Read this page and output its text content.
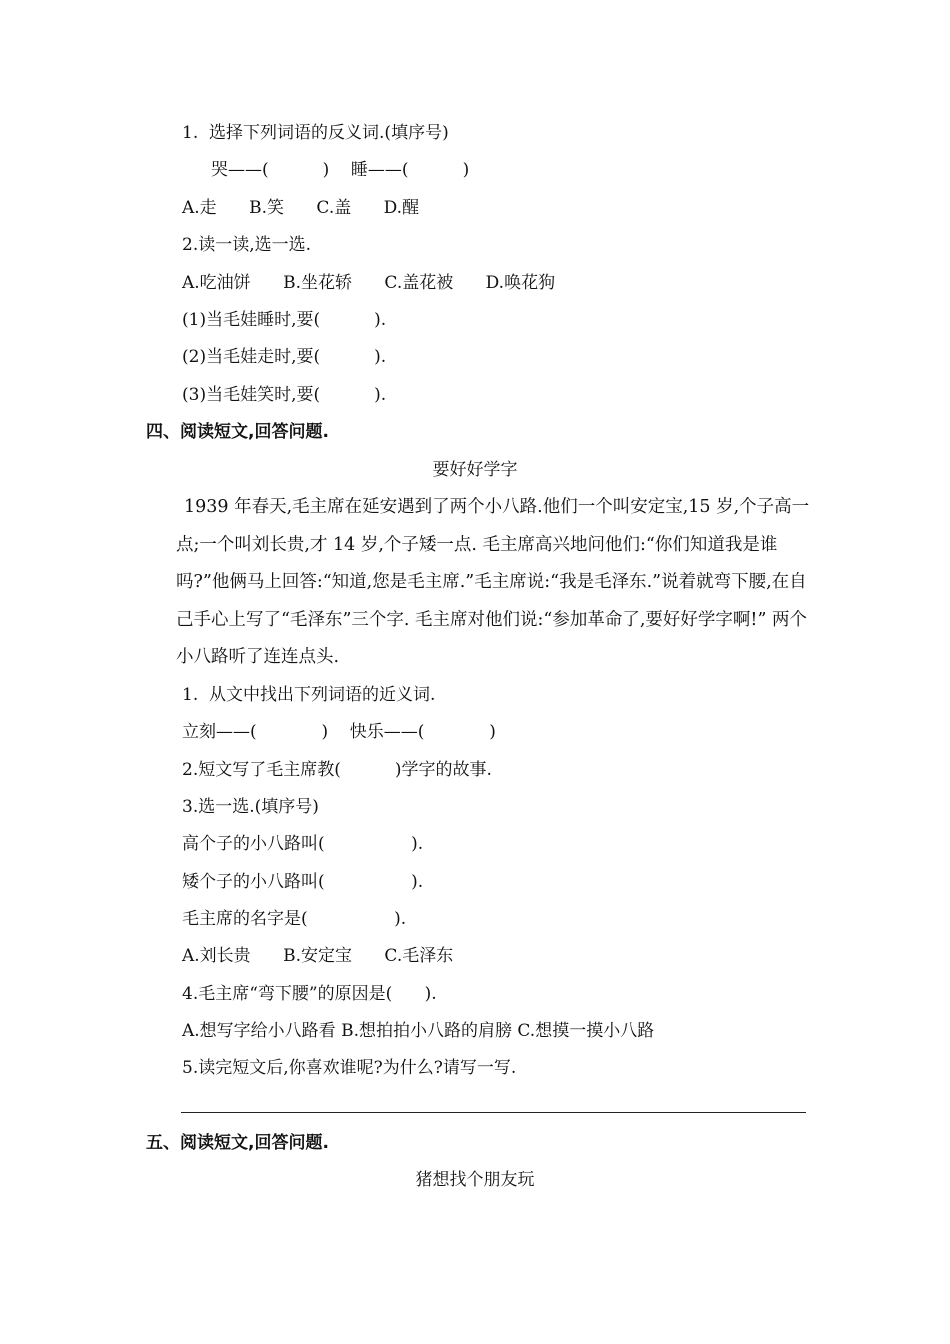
1.  选择下列词语的反义词.(填序号)
哭——(          )    睡——(          )
A.走      B.笑      C.盖      D.醒
2.读一读,选一选.
A.吃油饼      B.坐花轿      C.盖花被      D.唤花狗
(1)当毛娃睡时,要(          ).
(2)当毛娃走时,要(          ).
(3)当毛娃笑时,要(          ).
四、阅读短文,回答问题.
要好好学字
1939 年春天,毛主席在延安遇到了两个小八路.他们一个叫安定宝,15 岁,个子高一点;一个叫刘长贵,才 14 岁,个子矮一点. 毛主席高兴地问他们:“你们知道我是谁吗?”他俩马上回答:“知道,您是毛主席.”毛主席说:“我是毛泽东.”说着就弯下腰,在自己手心上写了“毛泽东”三个字. 毛主席对他们说:“参加革命了,要好好学字啊!” 两个小八路听了连连点头.
1.  从文中找出下列词语的近义词.
立刻——(            )    快乐——(            )
2.短文写了毛主席教(          )学字的故事.
3.选一选.(填序号)
高个子的小八路叫(                ).
矮个子的小八路叫(                ).
毛主席的名字是(                ).
A.刘长贵      B.安定宝      C.毛泽东
4.毛主席“弯下腰”的原因是(      ).
A.想写字给小八路看 B.想拍拍小八路的肩膀 C.想摸一摸小八路
5.读完短文后,你喜欢谁呢?为什么?请写一写.
五、阅读短文,回答问题.
猪想找个朋友玩
